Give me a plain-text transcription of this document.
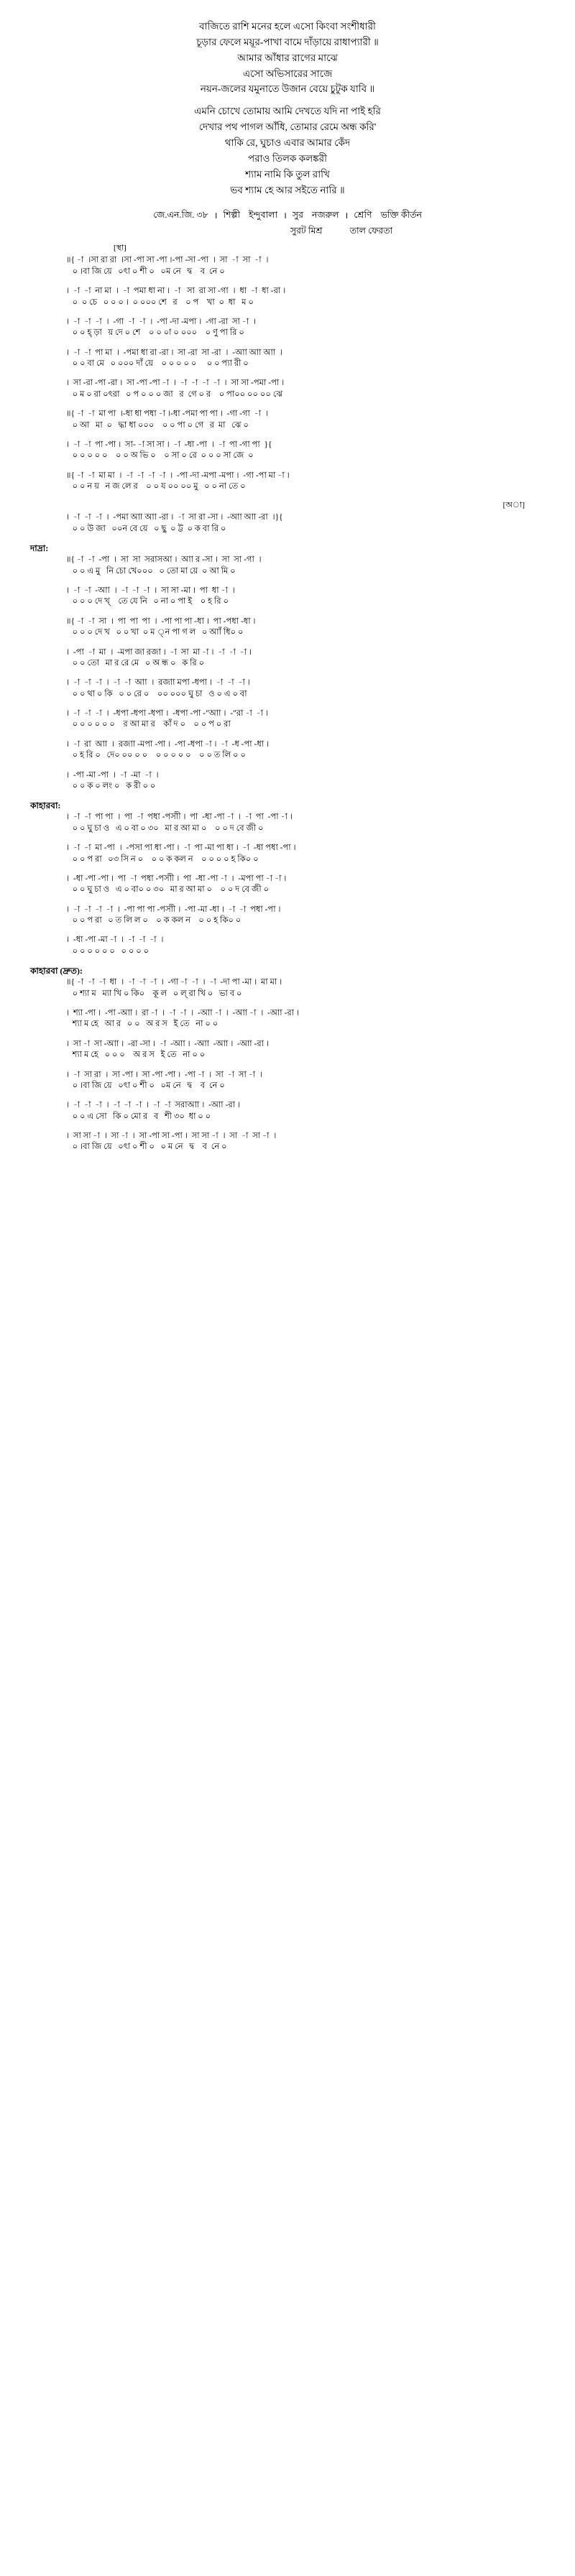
বাজিতে রাশি মনের হলে এসো কিংবা সংশীধারী
চূড়ার ফেলে ময়ূর-পাখা বামে দাঁড়ায়ে রাধাপ্যারী ॥
আমার আঁধার রাগের মাঝে
এসো অভিসারের সাজে
নয়ন-জলের যমুনাতে উজান বেয়ে চুটুক যাবি ॥
এমনি চোখে তোমায় আমি দেখতে যদি না পাই হরি
দেখার পথ পাগল আঁধি, তোমার রেমে অন্ধ করি'
থাকি রে, ঘুচাও এবার আমার কেঁদ
পরাও তিলক কলঙ্করী
শ্যাম নামি কি তুল রাখি
ভব শ্যাম হে আর সইতে নারি ॥
জে.এন.জি. ৩৮ । শিল্পী ইন্দুবালা । সুর নজরুল । শ্রেণি ভক্তি কীর্তন
সুরট মিশ্র	তাল ফেরতা
[স্থা]
॥{ -া  ।সা রা রা  ।সা -পা সা -পা ।-পা -সা -পা  ।  সা  -া  সা  -া  ।
০ ।বা জি য়ে   ০ৎা ০ শী ০   ০ম নে   দ্ব    ব  নে ০
।  -া  -া  না মা  ।  -া  পমা ধা না ।  -া   সা  রা সা -গা  ।  ধা  -া  ধা -রা ।
০  ০ চে   ০ ০ ০ ।  ০ ০০০ শে   র    ০ প    খা  ০  ধা   ম ০
।  -া  -া  -া  ।  -গা  -া  -া  ।  -পা -দা -মপা ।  -গা -রা  সা -া  ।
০ ০ হ্ ড়া   য় দে ০ শে    ০ ০ ০া ০ ০০০    ০ ণু পা রি ০
।  -া  -া  পা মা  ।  -পমা ধা রা -রা ।  সা -রা  সা -রা  ।  -আা আা আা  ।
০ ০ বা মে   ০ ০০০ দাঁ য়ে    ০ ০ ০ ০ ০     ০ ০ প্যা রী ০
।  সা -রা -পা -রা ।  সা -পা -পা -া  ।  -া  -া  -া  -া  ।  সা সা -পমা -পা ।
০ ম ০ রা ০ৎরা   ০ প ০ ০ ০ জা   র  গে ০ র    ০ পা০০ ০০ ০০ ঝে
॥{ -া  -া  মা পা  ।-ধা ধা পধা -া ।-ধা -পমা পা পা ।  -গা -গা  -া  ।
০ আ   মা  ০   দ্ধা ধা ০০০    ০ ০ পা ০ গে   র  মা   ঝে ০
।  -া  -া  পা -পা ।  সা- -া সা সা ।  -া  -ধা -পা  ।  -া  পা -গা পা  }{
০ ০ ০ ০ ০    ০ ০ অ ভি ০    ০ সা ০ রে  ০ ০ ০ সা জে  ০
॥{ -া  -া  মা মা  ।  -া  -া  -া  -া  ।  -পা -দা -মপা -মপা ।  -গা -পা মা -া ।
০ ০ ন য়   ন জ লে র    ০ ০ য ০০ ০০ মু   ০ ০ না তে ০
[অা]
।  -া  -া  -া  ।  -পমা আা আা -রা ।  -া  সা রা -সা ।  -আা আা -রা  ।}{
০ ০ উ জা   ০০ন বে য়ে   ০ ছু  ০ ট্ট  ০ ক বা রি ০
দাদ্রা:
॥{ -া  -া  -পা  ।  সা  সা  সরাসআ ।  আা র -সা ।  সা  সা -গা  ।
০ ০ এ মু   নি চো খে০০০   ০ তো মা য়ে  ০ আ মি ০
।  -া  -া  -আা  ।  -া  -া  -া  ।  সা সা -মা ।  পা  ধা -া  ।
০ ০ ০ দে খ্    তে যে নি   ০ না ০ পা ই    ০ হ রি ০
॥{ -া  -া  সা  ।  পা  পা  পা  ।  -পা পা পা -ধা ।  পা -পধা -ধা ।
০ ০ ০ দে খ   ০ ০ খা  ০ ম ্ন পা গ ল   ০ আাঁ ধি০ ০
।  -পা  -া  মা  ।  -মপা জা রজা ।  -া  সা  মা -া ।  -া  -া  -া ।
০ ০ তো   মা র রে মে   ০ অ ন্ধ ০   ক রি ০
।  -া  -া  -া  ।  -া  -া  আা  ।  রজাা মপা -ধপা ।  -া  -া  -া ।
০ ০ থা ০ কি   ০ ০ রে ০    ০০ ০০০ ঘু চা   ও ০ এ ০ বা
।  -া  -া  -া  ।  -ধপা -ধপা -ধপা ।  -ধপা -পা -"আা ।  -"রা -া  -া ।
০ ০ ০ ০ ০ ০    র আ মা র    কাঁ দ ০    ০ ০ প ০ রা
।  -া  রা  আা  ।  রজাা -মপা -পা ।  -পা -ধপা -া ।  -া  -ধ -পা -ধা ।
০ হ রি ০   দে০ ০০ ০ ০    ০ ০ ০ ০ ০    ০ ০ ত লি ০ ০
।  -পা -মা -পা  ।  -া  -মা  -া  ।
০ ০ ক ০ লং ০   ক রী ০ ০
কাহারবা:
।  -া  -া  পা পা  ।  পা  -া  পধা -পসাী ।  পা  -ধা -পা -া  ।  -া  পা  -পা -া ।
০ ০ ঘু চা ও   এ ০ বা ০ ৩০   মা র আ মা ০    ০ ০ দ বে জী ০
।  -া  -া  মা -পা  ।  -পসা পা ধা -পা ।  -া  পা -মা পা ধা ।  -া  -ধা পধা -পা ।
০ ০ প রা   ০৩ সি ন ০    ০ ০ ক কল ন    ০ ০ ০ ০ হ কি০ ০
।  -ধা -পা -পা ।  পা  -া  পধা -পসাী ।  পা  -ধা -পা -া  ।  -মপা পা -া -া ।
০ ০ ঘু চা ও   এ ০ বা০ ০ ৩০   মা র আ মা ০    ০ ০ দ বে জী ০
।  -া  -া  -া  -া  ।  -পা পা পা -পসাী ।  -পা -মা -ধা ।  -া  -া  পধা -পা ।
০ ০ প রা   ০ ত লি ল ০    ০ ক কল ন    ০ ০ হ কি০ ০
।  -ধা -পা -মা -া  ।  -া  -া  -া  ।
০ ০ ০ ০ ০ ০   ০ ০ ০ ০
কাহারবা (দ্রুত):
॥{ -া  -া  -া  ধা  ।  -া  -া  -া  ।  -গা -া  -া  ।  -া  -দা পা -মা ।  মা মা ।
০ শ্যা ম   ম্যা খি ০ কি০    কূ ল   ০ ল্ রা খি ০   ভা ব ০
।  শ্যা -পা ।  -পা -আা ।  রা -া  ।  -া  -া  ।  -আা -া  ।  -আা -া  ।  -আা -রা ।
শ্যা ম হে   আ র   ০ ০   অ র স   ই তে   না ০ ০
।  সা -া  সা -আা ।  -রা -সা ।  -া  -আা ।  -আা  -আা ।  -আা -রা ।
শ্যা ম হে   ০ ০ ০    অ র স   ই তে   না ০ ০
।  -া  সা রা  ।  সা -পা ।  সা -পা -পা ।  -পা -া  ।  সা  -া  সা -া  ।
০ ।বা জি য়ে   ০ৎা ০ শী ০   ০ম নে   দ্ব    ব  নে ০
।  -া  -া  -া  ।  -া  -া  -া  ।  -া  -া  সরাআা ।  -আা -রা ।
০ ০ এ সো   কি ০ মো র   ব   শী ৩০  ধা ০ ০
।  সা সা -া  ।  সা -া  ।  সা -পা সা -পা ।  সা সা -া  ।  সা  -া  সা -া  ।
০ ।বা জি য়ে   ০ৎা ০ শী ০   ০ ম নে   দ্ব    ব  নে ০
